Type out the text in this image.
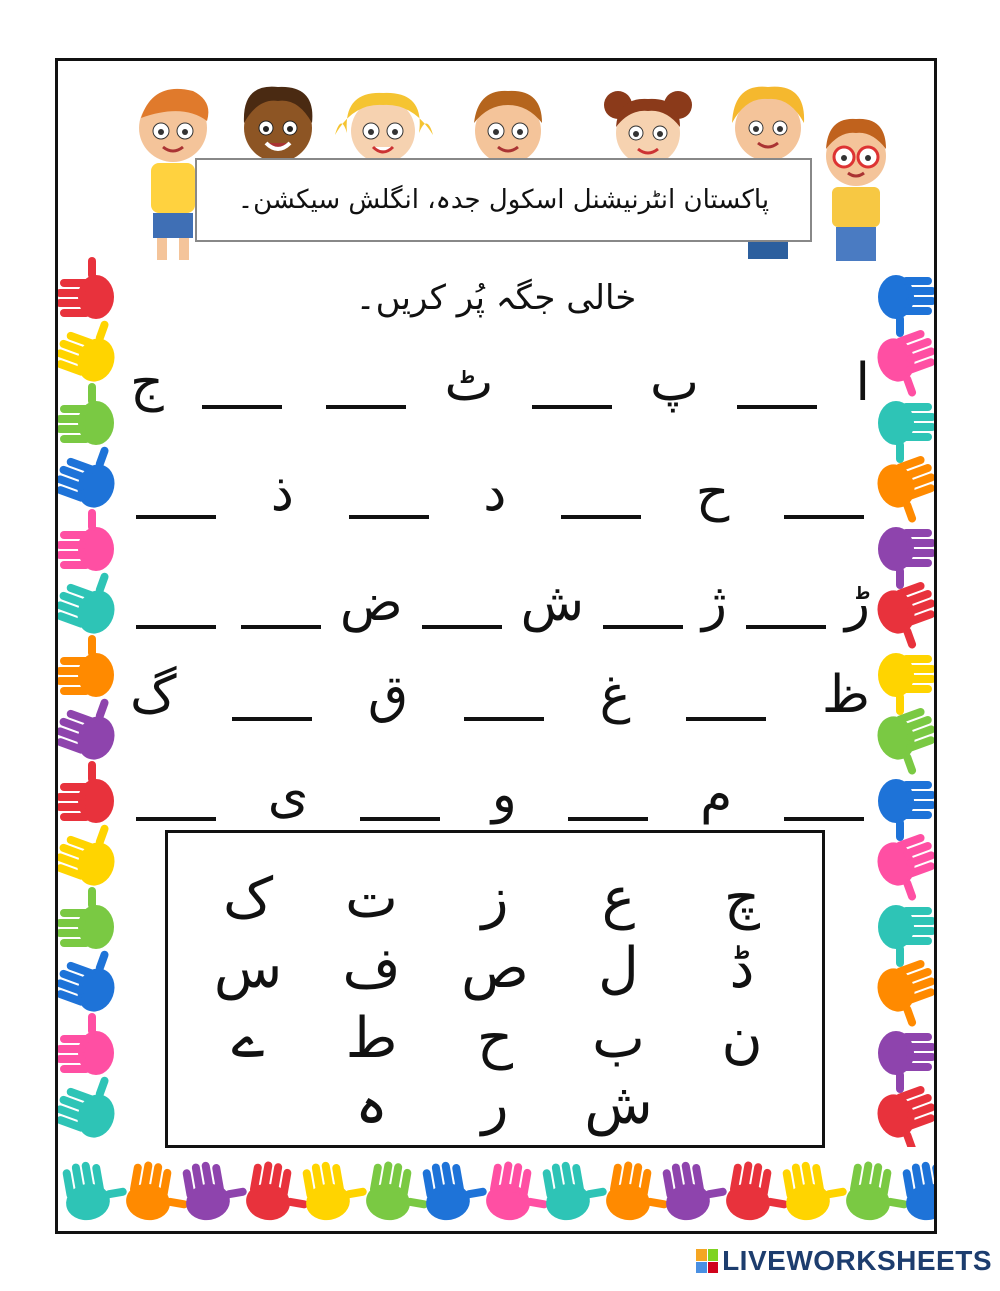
پاکستان انٹرنیشنل اسکول جدہ، انگلش سیکشن۔
خالی جگہ پُر کریں۔
ا
پ
ٹ
ج
ح
د
ذ
ڑ
ژ
ش
ض
ظ
غ
ق
گ
م
و
ی
چ
ع
ز
ت
ک
ڈ
ل
ص
ف
س
ن
ب
ح
ط
ے
ش
ر
ہ
LIVEWORKSHEETS
